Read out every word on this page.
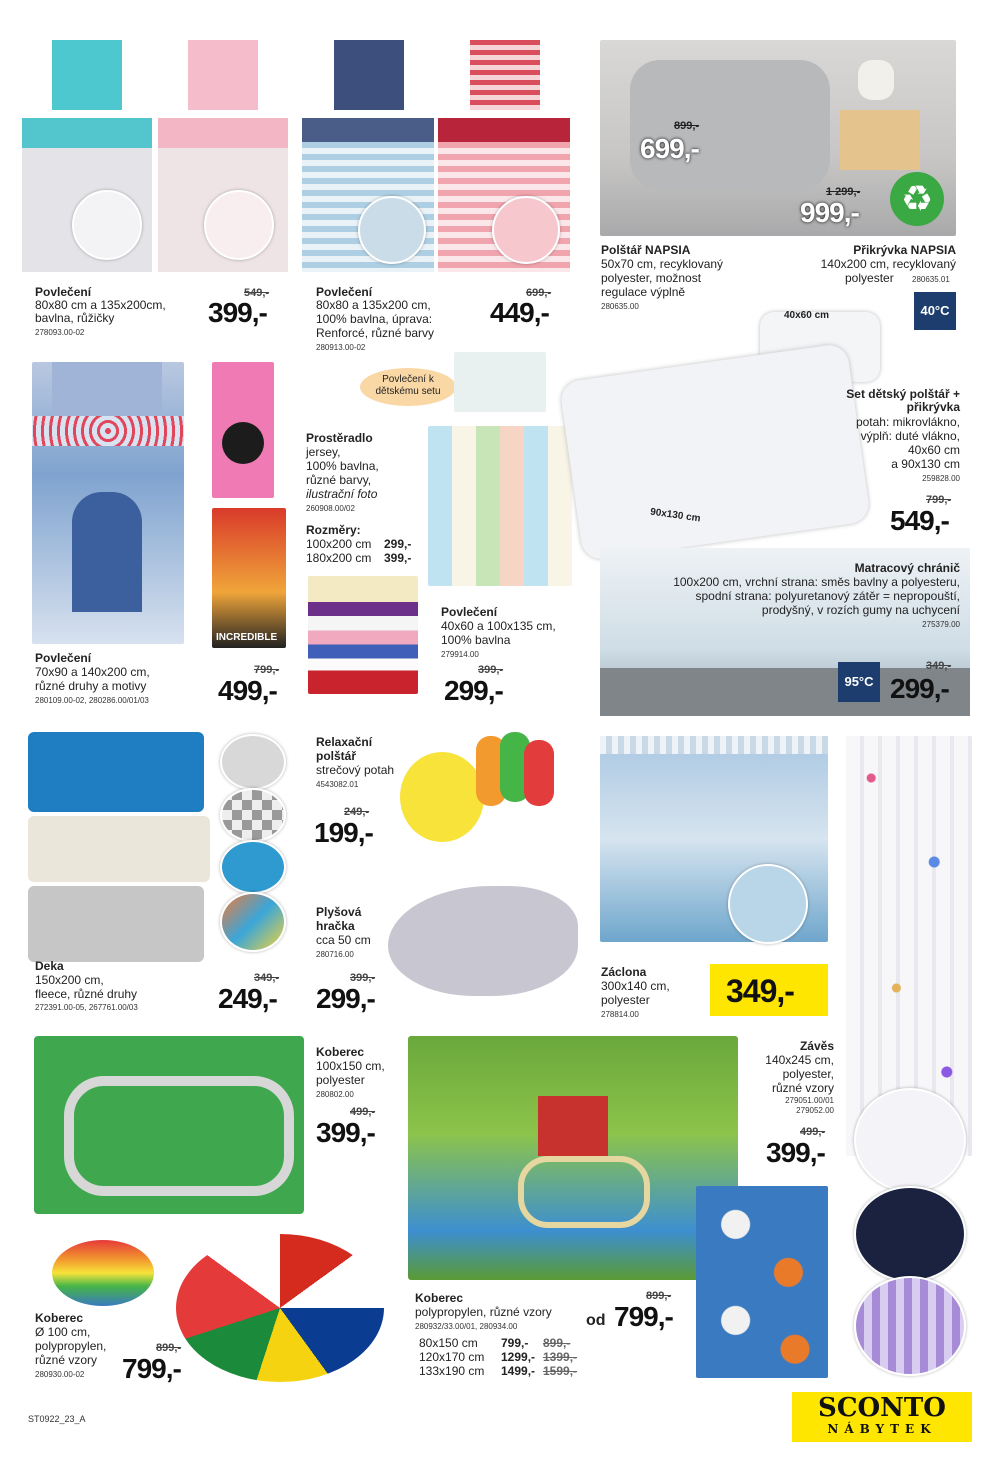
Povlečení
80x80 cm a 135x200cm,
bavlna, růžičky
278093.00-02
549,-
399,-
Povlečení
80x80 a 135x200 cm,
100% bavlna, úprava:
Renforcé, různé barvy
280913.00-02
699,-
449,-
899,-
699,-
1 299,-
999,-	♻
Polštář NAPSIA
50x70 cm, recyklovaný
polyester, možnost
regulace výplně
280635.00
Přikrývka NAPSIA
140x200 cm, recyklovaný
polyester 280635.01
40°C
INCREDIBLE
Povlečení
70x90 a 140x200 cm,
různé druhy a motivy
280109.00-02, 280286.00/01/03
799,-
499,-
Prostěradlo
jersey,
100% bavlna,
různé barvy,
ilustrační foto
260908.00/02
Rozměry:
100x200 cm 299,-
180x200 cm 399,-
Povlečení k dětskému setu
Povlečení
40x60 a 100x135 cm,
100% bavlna
279914.00
399,-
299,-
40x60 cm
90x130 cm
Set dětský polštář + přikrývka
potah: mikrovlákno,
výplň: duté vlákno,
40x60 cm
a 90x130 cm
259828.00
799,-
549,-
Matracový chránič
100x200 cm, vrchní strana: směs bavlny a polyesteru,
spodní strana: polyuretanový zátěr = nepropouští,
prodyšný, v rozích gumy na uchycení
275379.00
95°C
349,-
299,-
Deka
150x200 cm,
fleece, různé druhy
272391.00-05, 267761.00/03
349,-
249,-
Relaxační
polštář
strečový potah
4543082.01
249,-
199,-
Plyšová
hračka
cca 50 cm
280716.00
399,-
299,-
Záclona
300x140 cm,
polyester
278814.00
349,-
Závěs
140x245 cm,
polyester,
různé vzory
279051.00/01
279052.00
499,-
399,-
Koberec
100x150 cm,
polyester
280802.00
499,-
399,-
Koberec
polypropylen, různé vzory
280932/33.00/01, 280934.00
899,-
od 799,-
80x150 cm	799,-	899,-
120x170 cm	1299,-	1399,-
133x190 cm	1499,-	1599,-
Koberec
Ø 100 cm,
polypropylen,
různé vzory
280930.00-02
899,-
799,-
ST0922_23_A	SCONTO
NÁBYTEK
